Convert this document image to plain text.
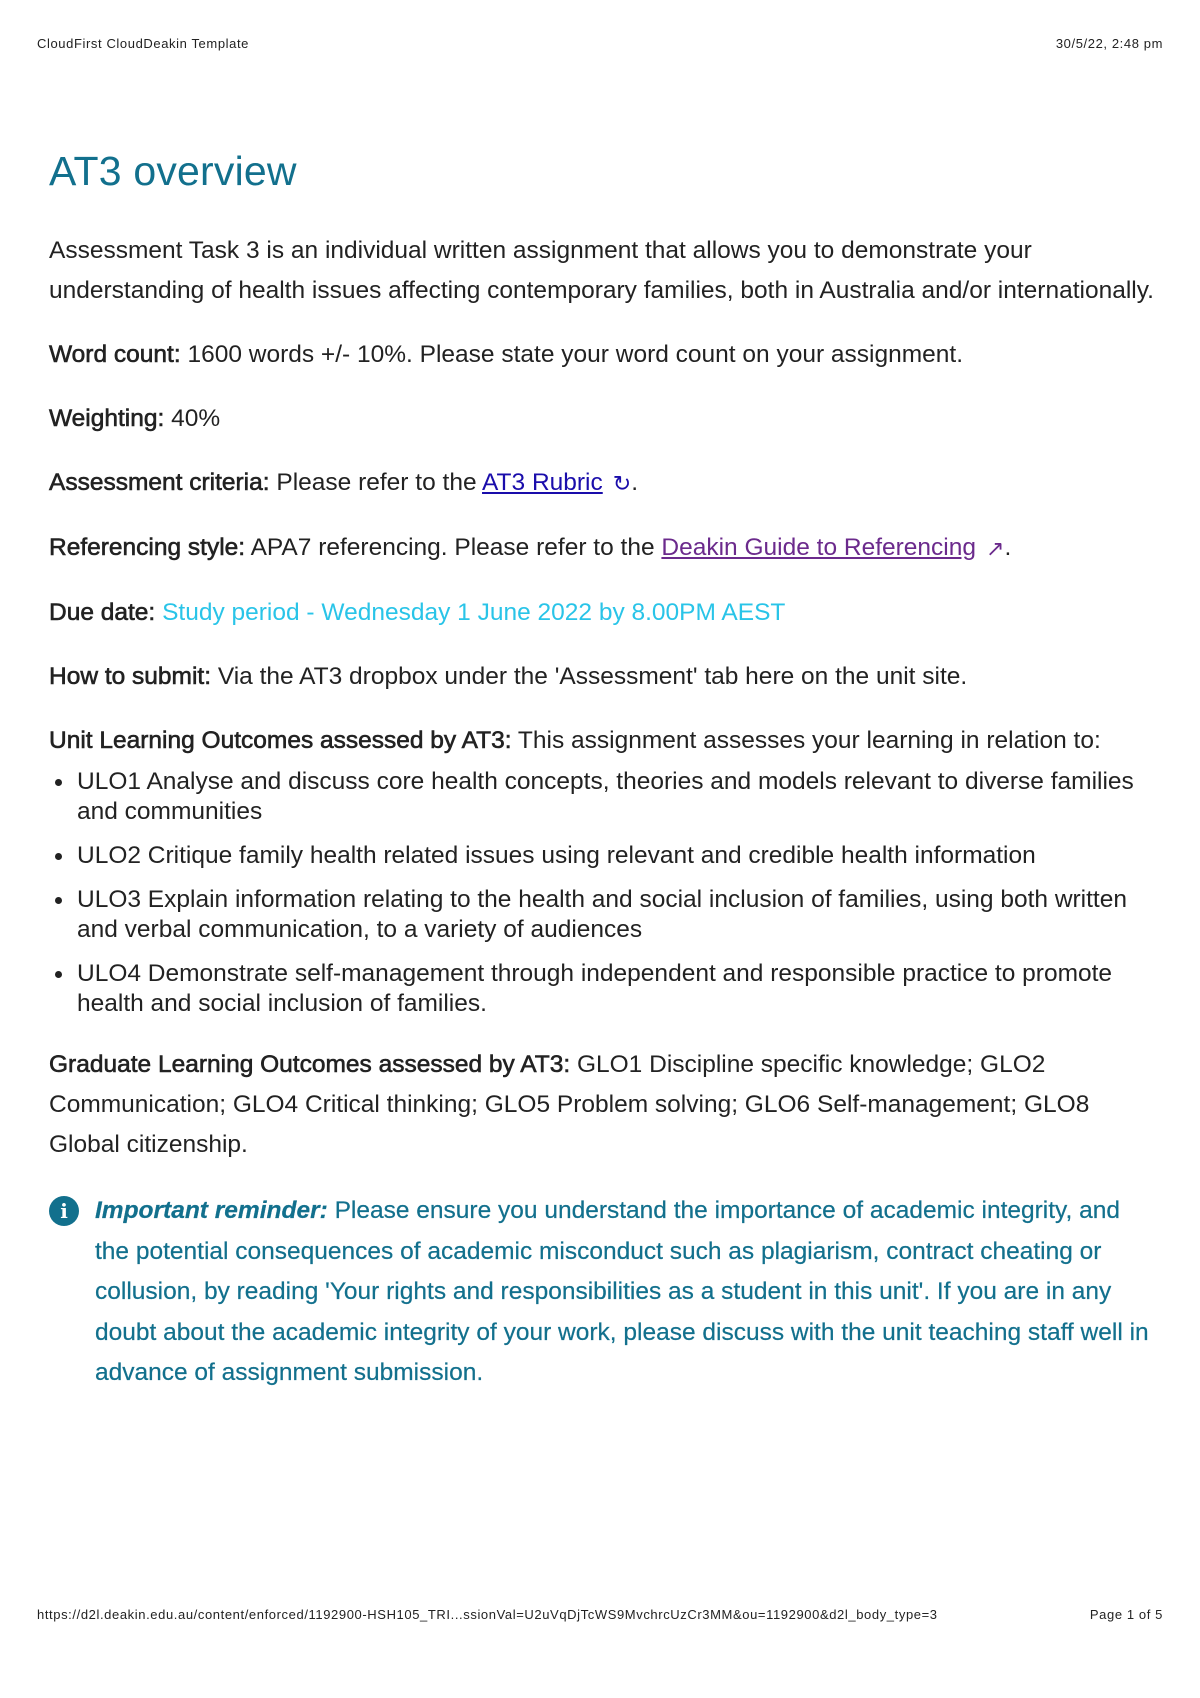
CloudFirst CloudDeakin Template	30/5/22, 2:48 pm
AT3 overview

Assessment Task 3 is an individual written assignment that allows you to demonstrate your understanding of health issues affecting contemporary families, both in Australia and/or internationally.

Word count: 1600 words +/- 10%. Please state your word count on your assignment.

Weighting: 40%

Assessment criteria: Please refer to the AT3 Rubric ↻.

Referencing style: APA7 referencing. Please refer to the Deakin Guide to Referencing ↗.

Due date: Study period - Wednesday 1 June 2022 by 8.00PM AEST

How to submit: Via the AT3 dropbox under the 'Assessment' tab here on the unit site.

Unit Learning Outcomes assessed by AT3: This assignment assesses your learning in relation to:

ULO1 Analyse and discuss core health concepts, theories and models relevant to diverse families and communities
ULO2 Critique family health related issues using relevant and credible health information
ULO3 Explain information relating to the health and social inclusion of families, using both written and verbal communication, to a variety of audiences
ULO4 Demonstrate self-management through independent and responsible practice to promote health and social inclusion of families.

Graduate Learning Outcomes assessed by AT3: GLO1 Discipline specific knowledge; GLO2 Communication; GLO4 Critical thinking; GLO5 Problem solving; GLO6 Self-management; GLO8 Global citizenship.

i	Important reminder: Please ensure you understand the importance of academic integrity, and the potential consequences of academic misconduct such as plagiarism, contract cheating or collusion, by reading 'Your rights and responsibilities as a student in this unit'. If you are in any doubt about the academic integrity of your work, please discuss with the unit teaching staff well in advance of assignment submission.

https://d2l.deakin.edu.au/content/enforced/1192900-HSH105_TRI...ssionVal=U2uVqDjTcWS9MvchrcUzCr3MM&ou=1192900&d2l_body_type=3	Page 1 of 5
